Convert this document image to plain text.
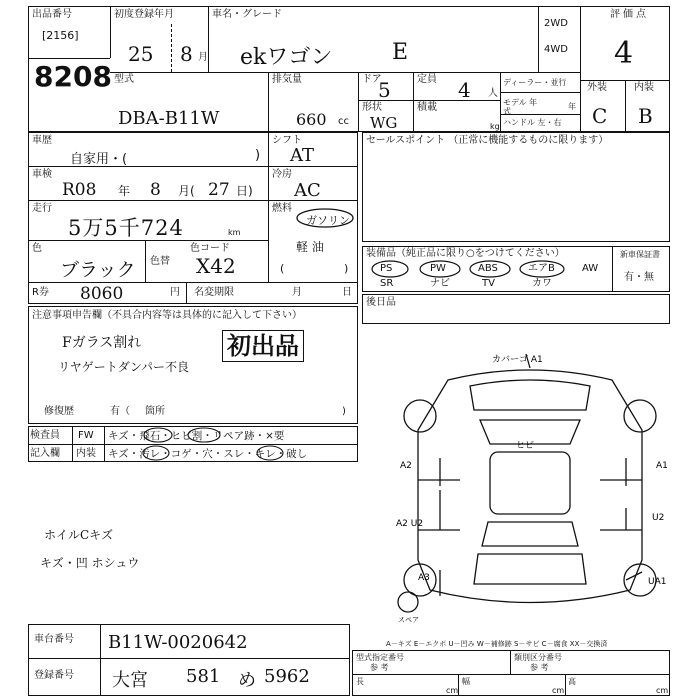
出品番号
[2156]
8208
初度登録年月
25 8 月
車名・グレード
ekワゴン	E
2WD
4WD
評価点
4
型式
DBA-B11W
排気量
660 cc
ドア
5	定員 4 人
形状
WG
積載
kg
ディーラー・並行
モデル 年式
年
ハンドル 左・右
外装	内装
C B
車歴
自家用・(	)
シフト
AT
車検
R08 年 8 月( 27 日)
冷房
AC
走行
5万5千724	km
燃料
ガソリン
軽 油
(	)
色
ブラック 色替
色コード
X42
R券 8060	円 名変期限	月	日
セールスポイント （正常に機能するものに限ります）
装備品（純正品に限り○をつけてください）	新車保証書
有・無
PS	PW	ABS	エアB	AW
SR	ナビ	TV	カワ
後日品
注意事項申告欄（不具合内容等は具体的に記入して下さい）
Fガラス割れ
リヤゲートダンパー不良
初出品
修復歴	有（ 箇所	)
検査員
記入欄
FW キズ・飛石・ヒビ割・リペア跡・×要
内装 キズ・汚レ・コゲ・穴・スレ・キレ・破し
ホイルCキズ
キズ・凹 ホシュウ
カバーゴ A1
ヒビ
A2	A1
U2
A2 U2
A3	UA1
スペア
車台番号 B11W-0020642
登録番号 大宮 581 め 5962
A－キズ E－エクボ U－凹み W－補修跡 S－サビ C－腐食 XX－交換済
型式指定番号
参 考
類別区分番号
参 考
長
cm
幅
cm
高
cm
